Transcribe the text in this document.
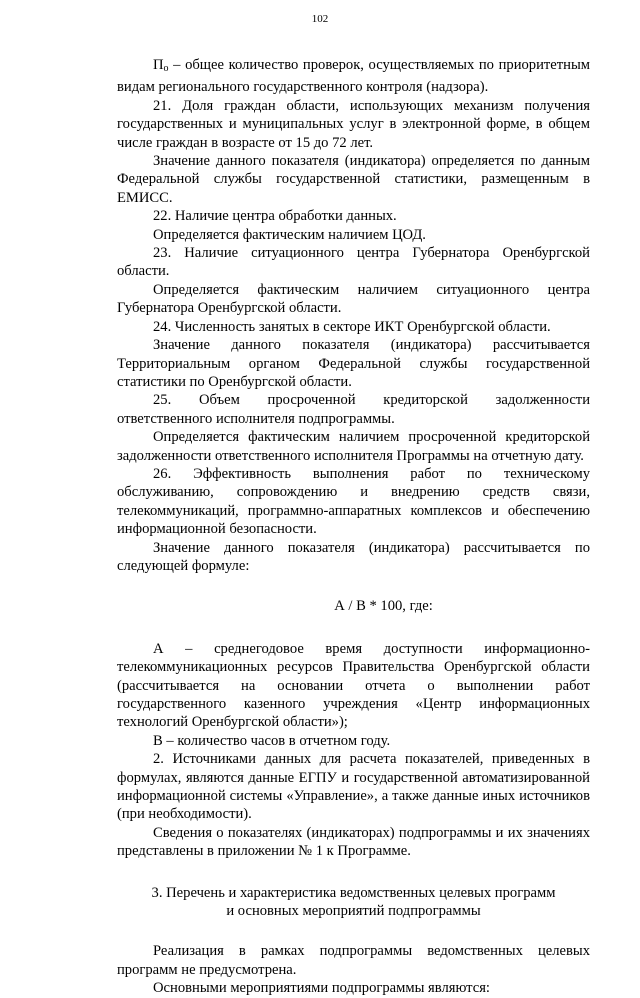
102

$П_о$ – общее количество проверок, осуществляемых по приоритетным видам регионального государственного контроля (надзора).

21. Доля граждан области, использующих механизм получения государственных и муниципальных услуг в электронной форме, в общем числе граждан в возрасте от 15 до 72 лет.

Значение данного показателя (индикатора) определяется по данным Федеральной службы государственной статистики, размещенным в ЕМИСС.

22. Наличие центра обработки данных.

Определяется фактическим наличием ЦОД.

23. Наличие ситуационного центра Губернатора Оренбургской области.

Определяется фактическим наличием ситуационного центра Губернатора Оренбургской области.

24. Численность занятых в секторе ИКТ Оренбургской области.

Значение данного показателя (индикатора) рассчитывается Территориальным органом Федеральной службы государственной статистики по Оренбургской области.

25. Объем просроченной кредиторской задолженности ответственного исполнителя подпрограммы.

Определяется фактическим наличием просроченной кредиторской задолженности ответственного исполнителя Программы на отчетную дату.

26. Эффективность выполнения работ по техническому обслуживанию, сопровождению и внедрению средств связи, телекоммуникаций, программно-аппаратных комплексов и обеспечению информационной безопасности.

Значение данного показателя (индикатора) рассчитывается по следующей формуле:

А / В * 100, где:

А – среднегодовое время доступности информационно-телекоммуникационных ресурсов Правительства Оренбургской области (рассчитывается на основании отчета о выполнении работ государственного казенного учреждения «Центр информационных технологий Оренбургской области»);

В – количество часов в отчетном году.

2. Источниками данных для расчета показателей, приведенных в формулах, являются данные ЕГПУ и государственной автоматизированной информационной системы «Управление», а также данные иных источников (при необходимости).

Сведения о показателях (индикаторах) подпрограммы и их значениях представлены в приложении № 1 к Программе.

3. Перечень и характеристика ведомственных целевых программ
и основных мероприятий подпрограммы

Реализация в рамках подпрограммы ведомственных целевых программ не предусмотрена.

Основными мероприятиями подпрограммы являются:
